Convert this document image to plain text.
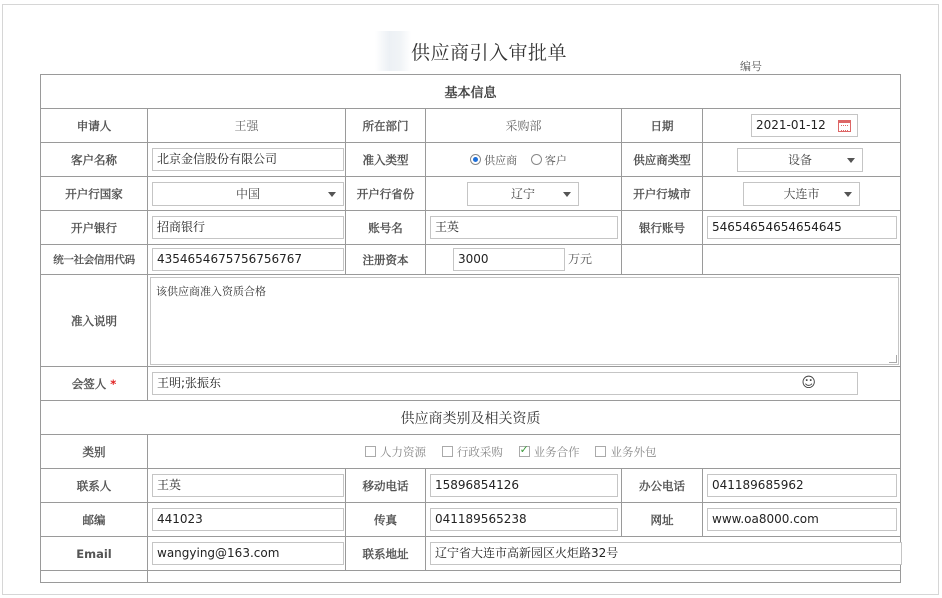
供应商引入审批单
编号
基本信息					
申请人	王强	所在部门	采购部	日期	2021-01-12

客户名称	北京金信股份有限公司	准入类型	供应商 客户	供应商类型	设备

开户行国家	中国	开户行省份	辽宁	开户行城市	大连市

开户银行	招商银行	账号名	王英	银行账号	54654654654654645
统一社会信用代码	4354654675756756767	注册资本	3000 万元		
准入说明	该供应商准入资质合格				

会签人 *	王明;张振东 ☺				

供应商类别及相关资质					
类别	人力资源 行政采购 ✓ 业务合作 业务外包
联系人	王英	移动电话	15896854126	办公电话	041189685962
邮编	441023	传真	041189565238	网址	www.oa8000.com
Email	wangying@163.com	联系地址	辽宁省大连市高新园区火炬路32号		
